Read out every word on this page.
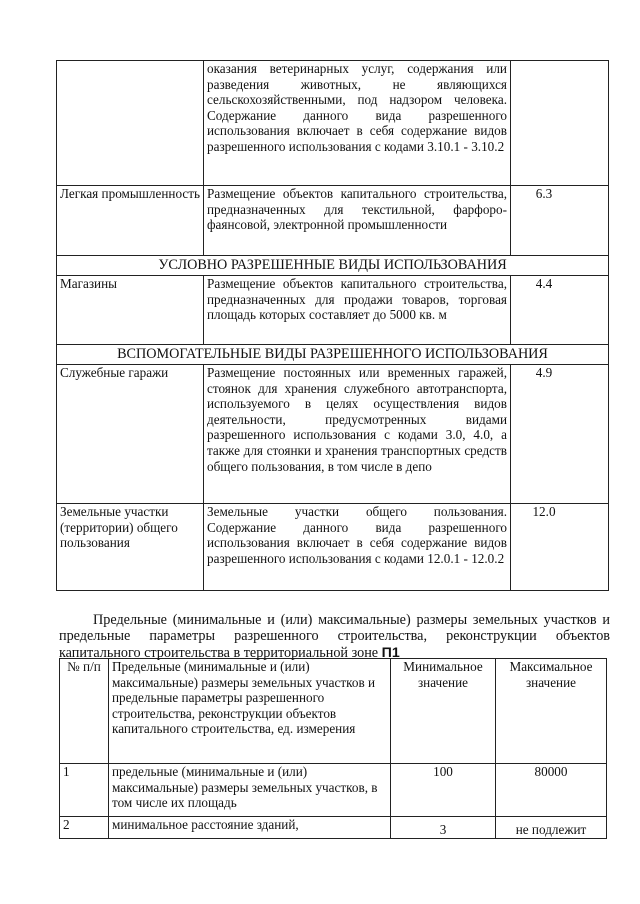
	оказания ветеринарных услуг, содержания или разведения животных, не являющихся сельскохозяйственными, под надзором человека. Содержание данного вида разрешенного использования включает в себя содержание видов разрешенного использования с кодами 3.10.1 - 3.10.2	
Легкая промышленность	Размещение объектов капитального строительства, предназначенных для текстильной, фарфоро-фаянсовой, электронной промышленности	6.3
УСЛОВНО РАЗРЕШЕННЫЕ ВИДЫ ИСПОЛЬЗОВАНИЯ		
Магазины	Размещение объектов капитального строительства, предназначенных для продажи товаров, торговая площадь которых составляет до 5000 кв. м	4.4
ВСПОМОГАТЕЛЬНЫЕ ВИДЫ РАЗРЕШЕННОГО ИСПОЛЬЗОВАНИЯ		
Служебные гаражи	Размещение постоянных или временных гаражей, стоянок для хранения служебного автотранспорта, используемого в целях осуществления видов деятельности, предусмотренных видами разрешенного использования с кодами 3.0, 4.0, а также для стоянки и хранения транспортных средств общего пользования, в том числе в депо	4.9
Земельные участки (территории) общего пользования	Земельные участки общего пользования. Содержание данного вида разрешенного использования включает в себя содержание видов разрешенного использования с кодами 12.0.1 - 12.0.2	12.0

Предельные (минимальные и (или) максимальные) размеры земельных участков и предельные параметры разрешенного строительства, реконструкции объектов капитального строительства в территориальной зоне П1

№ п/п	Предельные (минимальные и (или) максимальные) размеры земельных участков и предельные параметры разрешенного строительства, реконструкции объектов капитального строительства, ед. измерения	Минимальное значение	Максимальное значение
1	предельные (минимальные и (или) максимальные) размеры земельных участков, в том числе их площадь	100	80000
2	минимальное расстояние зданий,	3	не подлежит
